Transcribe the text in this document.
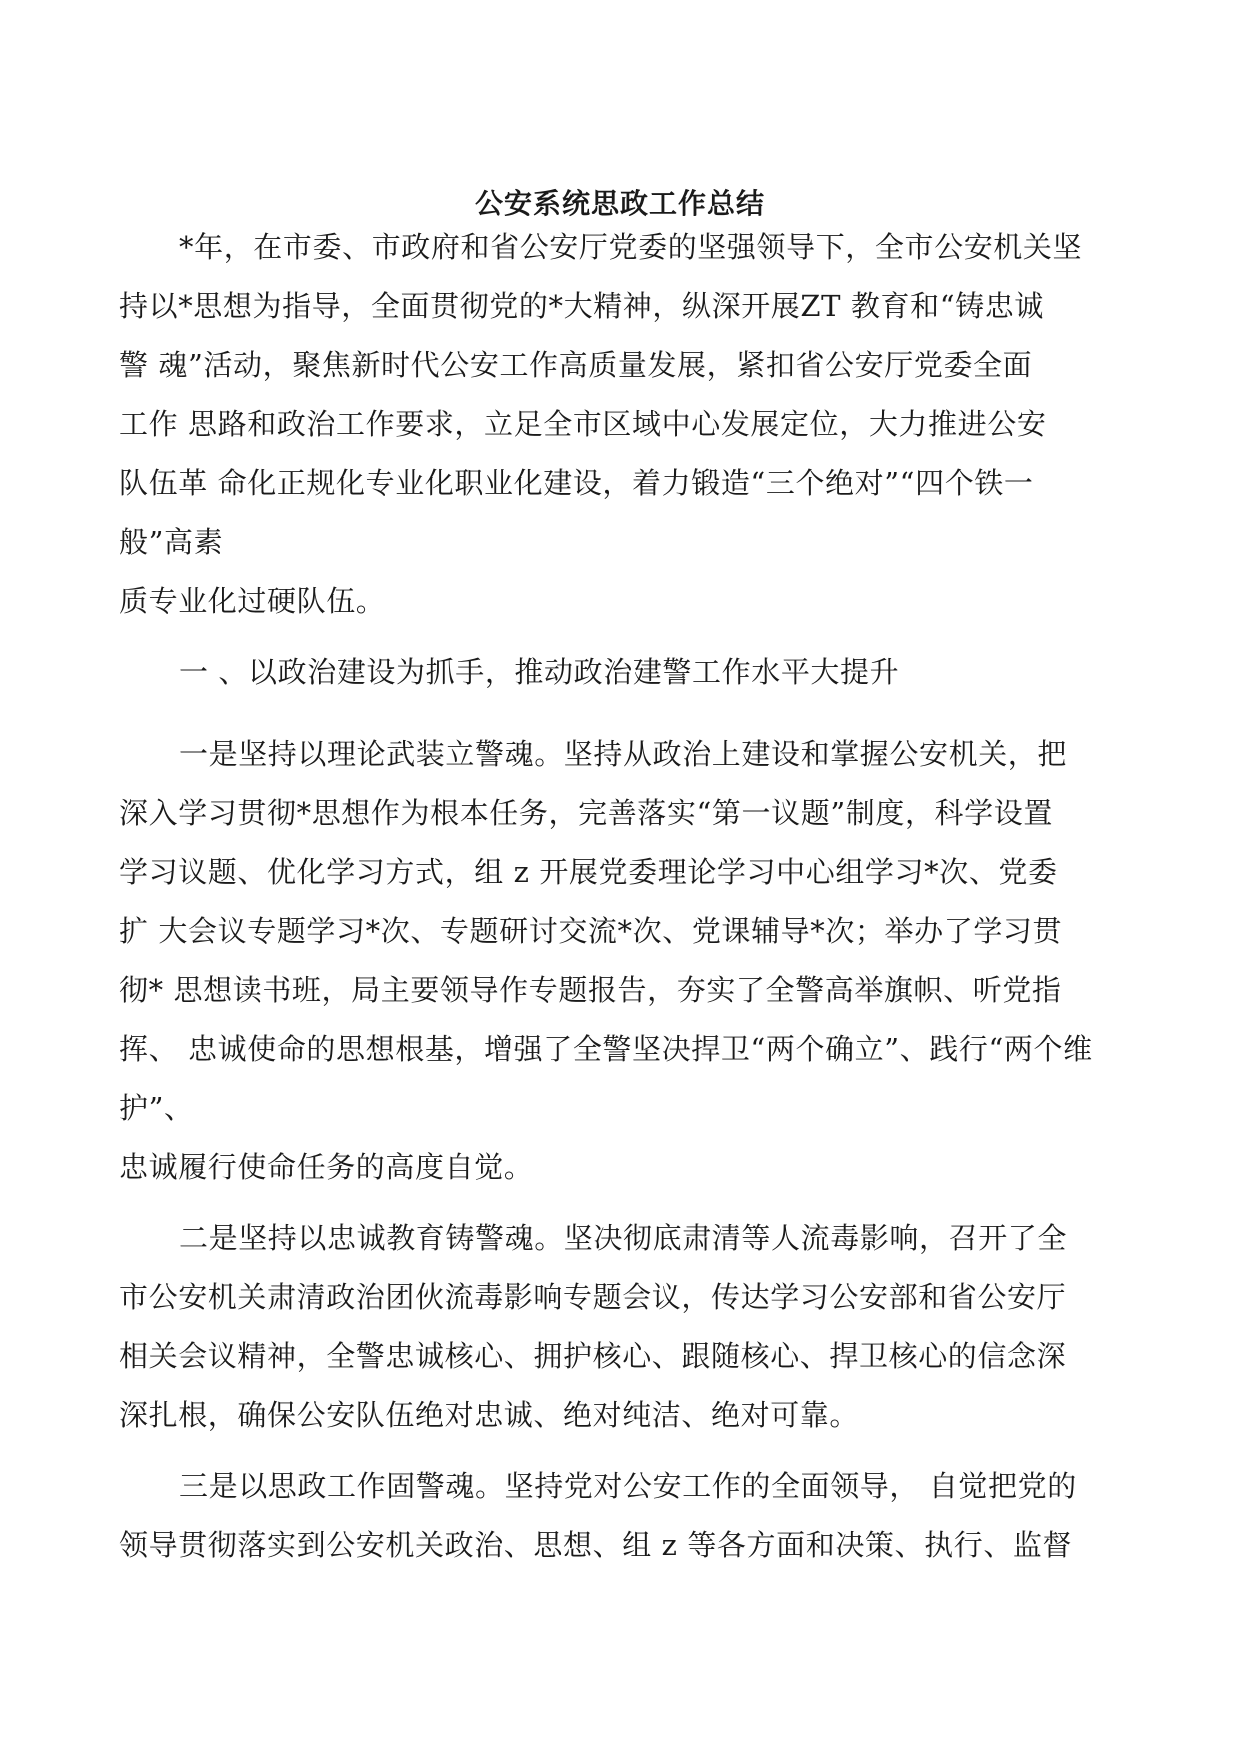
公安系统思政工作总结
*年，在市委、市政府和省公安厅党委的坚强领导下，全市公安机关坚
持以*思想为指导，全面贯彻党的*大精神，纵深开展ZT 教育和“铸忠诚
警 魂”活动，聚焦新时代公安工作高质量发展，紧扣省公安厅党委全面
工作 思路和政治工作要求，立足全市区域中心发展定位，大力推进公安
队伍革 命化正规化专业化职业化建设，着力锻造“三个绝对”“四个铁一
般”高素
质专业化过硬队伍。
一 、以政治建设为抓手，推动政治建警工作水平大提升
一是坚持以理论武装立警魂。坚持从政治上建设和掌握公安机关，把
深入学习贯彻*思想作为根本任务，完善落实“第一议题”制度，科学设置
学习议题、优化学习方式，组 z 开展党委理论学习中心组学习*次、党委
扩 大会议专题学习*次、专题研讨交流*次、党课辅导*次；举办了学习贯
彻* 思想读书班，局主要领导作专题报告，夯实了全警高举旗帜、听党指
挥、 忠诚使命的思想根基，增强了全警坚决捍卫“两个确立”、践行“两个维
护”、
忠诚履行使命任务的高度自觉。
二是坚持以忠诚教育铸警魂。坚决彻底肃清等人流毒影响，召开了全
市公安机关肃清政治团伙流毒影响专题会议，传达学习公安部和省公安厅
相关会议精神，全警忠诚核心、拥护核心、跟随核心、捍卫核心的信念深
深扎根，确保公安队伍绝对忠诚、绝对纯洁、绝对可靠。
三是以思政工作固警魂。坚持党对公安工作的全面领导， 自觉把党的
领导贯彻落实到公安机关政治、思想、组 z 等各方面和决策、执行、监督
